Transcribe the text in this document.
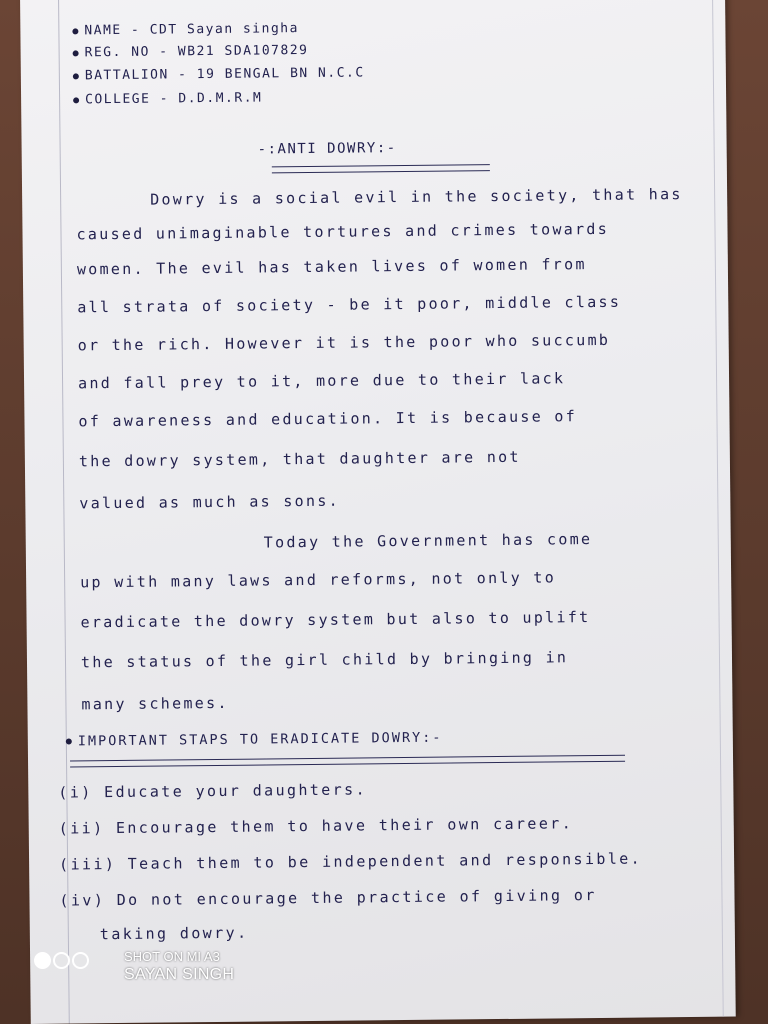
NAME - CDT Sayan singha
REG. NO - WB21 SDA107829
BATTALION - 19 BENGAL BN N.C.C
COLLEGE - D.D.M.R.M
-:ANTI DOWRY:-
Dowry is a social evil in the society, that has
caused unimaginable tortures and crimes towards
women. The evil has taken lives of women from
all strata of society - be it poor, middle class
or the rich. However it is the poor who succumb
and fall prey to it, more due to their lack
of awareness and education. It is because of
the dowry system, that daughter are not
valued as much as sons.
Today the Government has come
up with many laws and reforms, not only to
eradicate the dowry system but also to uplift
the status of the girl child by bringing in
many schemes.
IMPORTANT STAPS TO ERADICATE DOWRY:-
(i) Educate your daughters.
(ii) Encourage them to have their own career.
(iii) Teach them to be independent and responsible.
(iv) Do not encourage the practice of giving or
taking dowry.
SHOT ON MI A3
SAYAN SINGH
